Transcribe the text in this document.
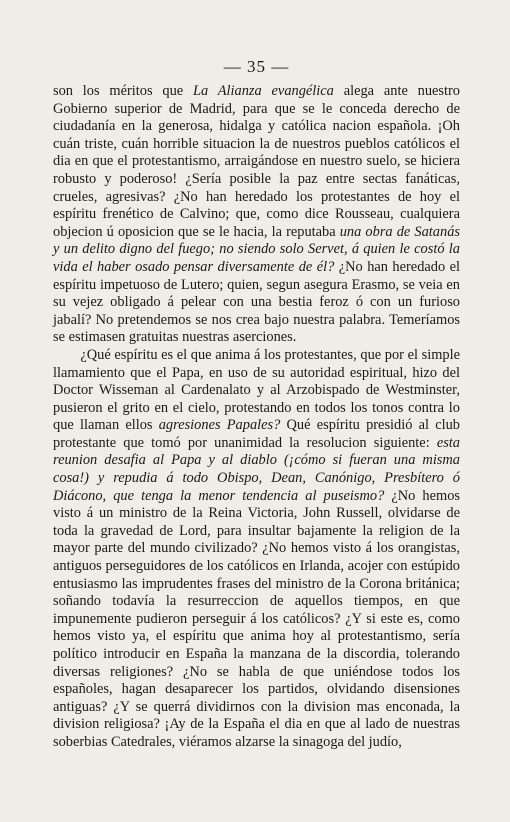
— 35 —

son los méritos que La Alianza evangélica alega ante nuestro Gobierno superior de Madrid, para que se le conceda derecho de ciudadanía en la generosa, hidalga y católica nacion española. ¡Oh cuán triste, cuán horrible situacion la de nuestros pueblos católicos el dia en que el protestantismo, arraigándose en nuestro suelo, se hiciera robusto y poderoso! ¿Sería posible la paz entre sectas fanáticas, crueles, agresivas? ¿No han heredado los protestantes de hoy el espíritu frenético de Calvino; que, como dice Rousseau, cualquiera objecion ú oposicion que se le hacia, la reputaba una obra de Satanás y un delito digno del fuego; no siendo solo Servet, á quien le costó la vida el haber osado pensar diversamente de él? ¿No han heredado el espíritu impetuoso de Lutero; quien, segun asegura Erasmo, se veia en su vejez obligado á pelear con una bestia feroz ó con un furioso jabalí? No pretendemos se nos crea bajo nuestra palabra. Temeríamos se estimasen gratuitas nuestras aserciones.

¿Qué espíritu es el que anima á los protestantes, que por el simple llamamiento que el Papa, en uso de su autoridad espiritual, hizo del Doctor Wisseman al Cardenalato y al Arzobispado de Westminster, pusieron el grito en el cielo, protestando en todos los tonos contra lo que llaman ellos agresiones Papales? Qué espíritu presidió al club protestante que tomó por unanimidad la resolucion siguiente: esta reunion desafia al Papa y al diablo (¡cómo si fueran una misma cosa!) y repudia á todo Obispo, Dean, Canónigo, Presbítero ó Diácono, que tenga la menor tendencia al puseismo? ¿No hemos visto á un ministro de la Reina Victoria, John Russell, olvidarse de toda la gravedad de Lord, para insultar bajamente la religion de la mayor parte del mundo civilizado? ¿No hemos visto á los orangistas, antiguos perseguidores de los católicos en Irlanda, acojer con estúpido entusiasmo las imprudentes frases del ministro de la Corona británica; soñando todavía la resurreccion de aquellos tiempos, en que impunemente pudieron perseguir á los católicos? ¿Y si este es, como hemos visto ya, el espíritu que anima hoy al protestantismo, sería político introducir en España la manzana de la discordia, tolerando diversas religiones? ¿No se habla de que uniéndose todos los españoles, hagan desaparecer los partidos, olvidando disensiones antiguas? ¿Y se querrá dividirnos con la division mas enconada, la division religiosa? ¡Ay de la España el dia en que al lado de nuestras soberbias Catedrales, viéramos alzarse la sinagoga del judío,
